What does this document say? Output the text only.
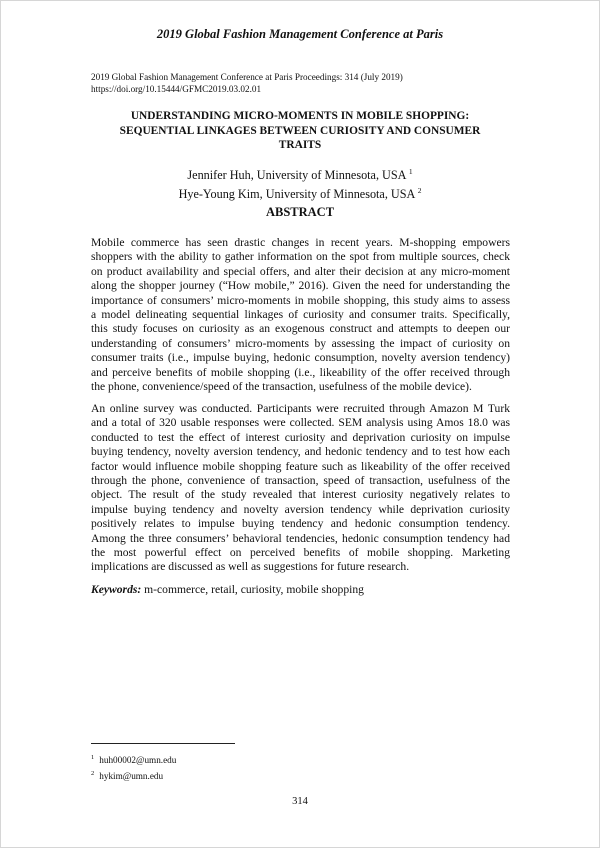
2019 Global Fashion Management Conference at Paris
2019 Global Fashion Management Conference at Paris Proceedings: 314 (July 2019)
https://doi.org/10.15444/GFMC2019.03.02.01
UNDERSTANDING MICRO-MOMENTS IN MOBILE SHOPPING:
SEQUENTIAL LINKAGES BETWEEN CURIOSITY AND CONSUMER
TRAITS
Jennifer Huh, University of Minnesota, USA $^1$
Hye-Young Kim, University of Minnesota, USA $^2$
ABSTRACT

Mobile commerce has seen drastic changes in recent years. M-shopping empowers
shoppers with the ability to gather information on the spot from multiple sources, check
on product availability and special offers, and alter their decision at any micro-moment
along the shopper journey (“How mobile,” 2016). Given the need for understanding the
importance of consumers’ micro-moments in mobile shopping, this study aims to assess
a model delineating sequential linkages of curiosity and consumer traits. Specifically,
this study focuses on curiosity as an exogenous construct and attempts to deepen our
understanding of consumers’ micro-moments by assessing the impact of curiosity on
consumer traits (i.e., impulse buying, hedonic consumption, novelty aversion tendency)
and perceive benefits of mobile shopping (i.e., likeability of the offer received through
the phone, convenience/speed of the transaction, usefulness of the mobile device).

An online survey was conducted. Participants were recruited through Amazon M Turk
and a total of 320 usable responses were collected. SEM analysis using Amos 18.0 was
conducted to test the effect of interest curiosity and deprivation curiosity on impulse
buying tendency, novelty aversion tendency, and hedonic tendency and to test how each
factor would influence mobile shopping feature such as likeability of the offer received
through the phone, convenience of transaction, speed of transaction, usefulness of the
object. The result of the study revealed that interest curiosity negatively relates to
impulse buying tendency and novelty aversion tendency while deprivation curiosity
positively relates to impulse buying tendency and hedonic consumption tendency.
Among the three consumers’ behavioral tendencies, hedonic consumption tendency had
the most powerful effect on perceived benefits of mobile shopping. Marketing
implications are discussed as well as suggestions for future research.

Keywords: m-commerce, retail, curiosity, mobile shopping
$^1$ huh00002@umn.edu
$^2$ hykim@umn.edu
314
